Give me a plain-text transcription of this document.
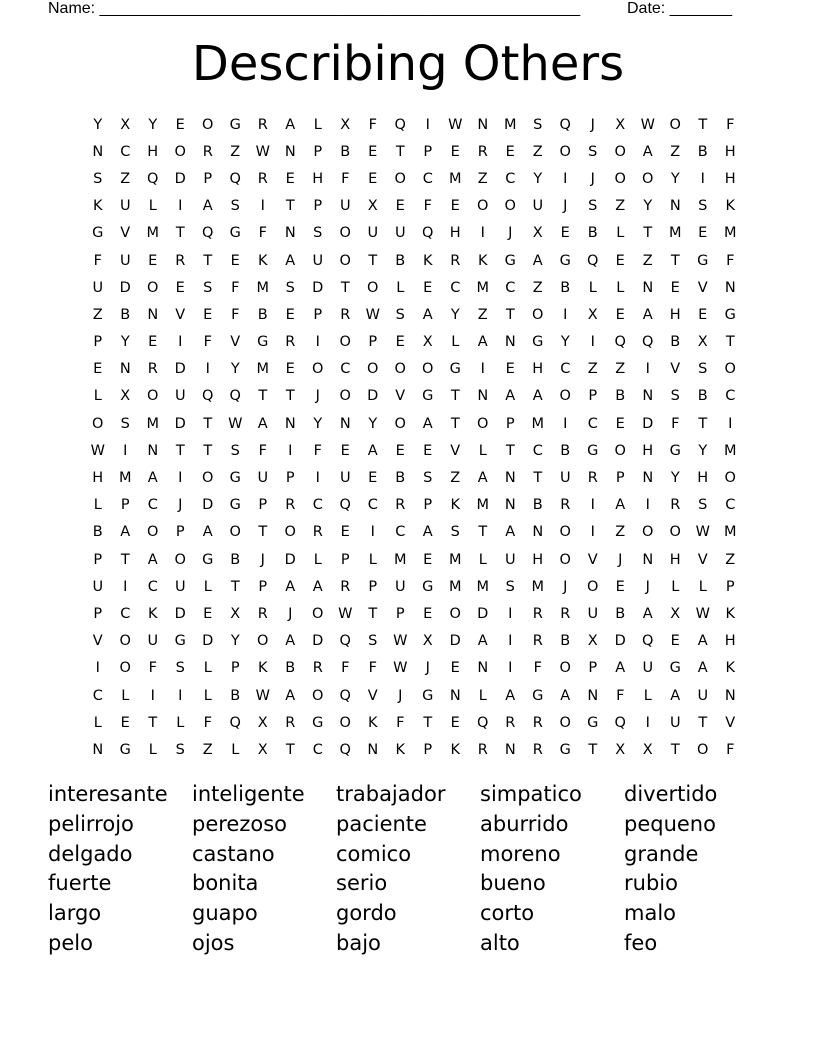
Name: ______________________________________________________	Date: _______
Describing Others
Y	X	Y	E	O	G	R	A	L	X	F	Q	I	W	N	M	S	Q	J	X	W	O	T	F
N	C	H	O	R	Z	W	N	P	B	E	T	P	E	R	E	Z	O	S	O	A	Z	B	H
S	Z	Q	D	P	Q	R	E	H	F	E	O	C	M	Z	C	Y	I	J	O	O	Y	I	H
K	U	L	I	A	S	I	T	P	U	X	E	F	E	O	O	U	J	S	Z	Y	N	S	K
G	V	M	T	Q	G	F	N	S	O	U	U	Q	H	I	J	X	E	B	L	T	M	E	M
F	U	E	R	T	E	K	A	U	O	T	B	K	R	K	G	A	G	Q	E	Z	T	G	F
U	D	O	E	S	F	M	S	D	T	O	L	E	C	M	C	Z	B	L	L	N	E	V	N
Z	B	N	V	E	F	B	E	P	R	W	S	A	Y	Z	T	O	I	X	E	A	H	E	G
P	Y	E	I	F	V	G	R	I	O	P	E	X	L	A	N	G	Y	I	Q	Q	B	X	T
E	N	R	D	I	Y	M	E	O	C	O	O	O	G	I	E	H	C	Z	Z	I	V	S	O
L	X	O	U	Q	Q	T	T	J	O	D	V	G	T	N	A	A	O	P	B	N	S	B	C
O	S	M	D	T	W	A	N	Y	N	Y	O	A	T	O	P	M	I	C	E	D	F	T	I
W	I	N	T	T	S	F	I	F	E	A	E	E	V	L	T	C	B	G	O	H	G	Y	M
H	M	A	I	O	G	U	P	I	U	E	B	S	Z	A	N	T	U	R	P	N	Y	H	O
L	P	C	J	D	G	P	R	C	Q	C	R	P	K	M	N	B	R	I	A	I	R	S	C
B	A	O	P	A	O	T	O	R	E	I	C	A	S	T	A	N	O	I	Z	O	O	W M
P	T	A	O	G	B	J	D	L	P	L	M	E	M	L	U	H	O	V	J	N	H	V	Z
U	I	C	U	L	T	P	A	A	R	P	U	G	M	M	S	M	J	O	E	J	L	L	P
P	C	K	D	E	X	R	J	O	W	T	P	E	O	D	I	R	R	U	B	A	X	W	K
V	O	U	G	D	Y	O	A	D	Q	S	W	X	D	A	I	R	B	X	D	Q	E	A	H
I	O	F	S	L	P	K	B	R	F	F	W	J	E	N	I	F	O	P	A	U	G	A	K
C	L	I	I	L	B	W	A	O	Q	V	J	G	N	L	A	G	A	N	F	L	A	U	N
L	E	T	L	F	Q	X	R	G	O	K	F	T	E	Q	R	R	O	G	Q	I	U	T	V
N	G	L	S	Z	L	X	T	C	Q	N	K	P	K	R	N	R	G	T	X	X	T	O	F
interesante	inteligente	trabajador	simpatico	divertido
pelirrojo	perezoso	paciente	aburrido	pequeno
delgado	castano	comico	moreno	grande
fuerte	bonita	serio	bueno	rubio
largo	guapo	gordo	corto	malo
pelo	ojos	bajo	alto	feo
